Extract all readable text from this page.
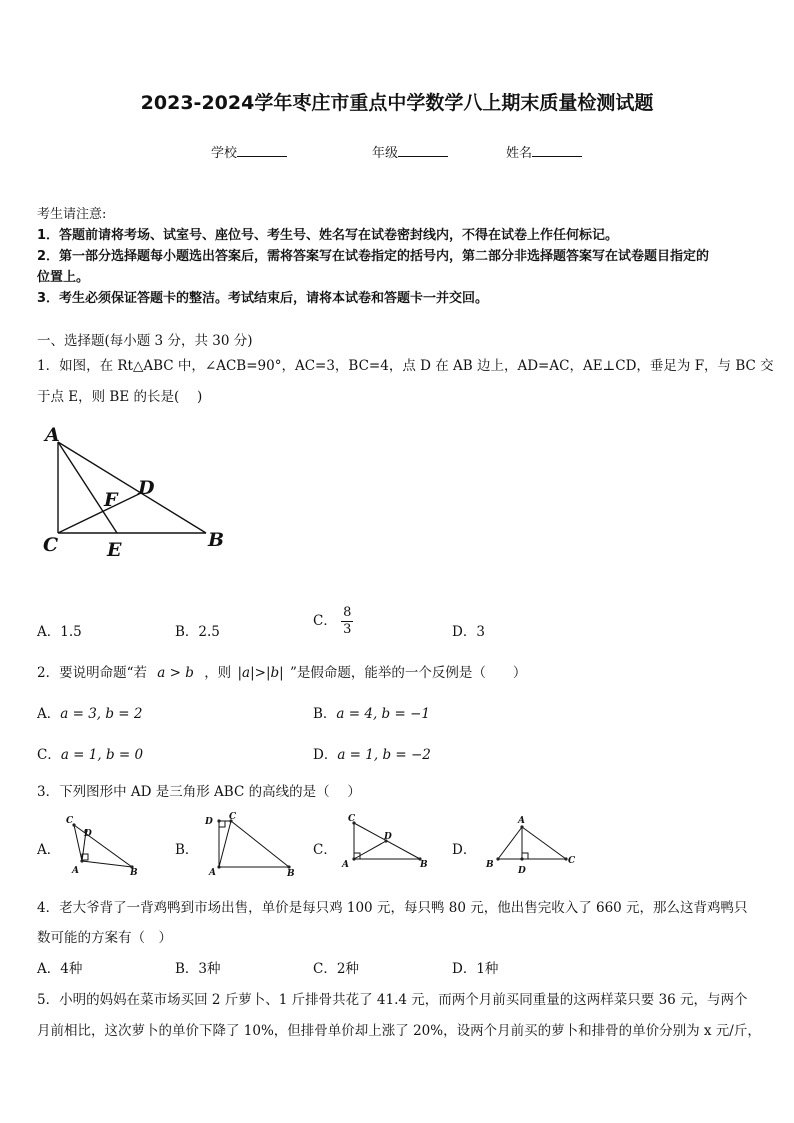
2023-2024学年枣庄市重点中学数学八上期末质量检测试题
学校	年级	姓名
考生请注意:
1．答题前请将考场、试室号、座位号、考生号、姓名写在试卷密封线内，不得在试卷上作任何标记。
2．第一部分选择题每小题选出答案后，需将答案写在试卷指定的括号内，第二部分非选择题答案写在试卷题目指定的
位置上。
3．考生必须保证答题卡的整洁。考试结束后，请将本试卷和答题卡一并交回。
一、选择题(每小题 3 分，共 30 分)
1．如图，在 Rt△ABC 中，∠ACB=90°，AC=3，BC=4，点 D 在 AB 边上，AD=AC，AE⊥CD，垂足为 F，与 BC 交
于点 E，则 BE 的长是(　 )
A
D
F
C	E	B
A．1.5	B．2.5
C． $\frac{8}{3}$	D．3
2．要说明命题“若 a > b ，则 |a|>|b| ”是假命题，能举的一个反例是（　　）
A．a = 3, b = 2	B．a = 4, b = −1
C．a = 1, b = 0	D．a = 1, b = −2
3．下列图形中 AD 是三角形 ABC 的高线的是（　 ）
A．
C
D
A	B
B．
D C
A	B
C．
C
D
A	B
D．
A
B
D
C
4．老大爷背了一背鸡鸭到市场出售，单价是每只鸡 100 元，每只鸭 80 元，他出售完收入了 660 元，那么这背鸡鸭只
数可能的方案有（　）
A．4种	B．3种	C．2种	D．1种
5．小明的妈妈在菜市场买回 2 斤萝卜、1 斤排骨共花了 41.4 元，而两个月前买同重量的这两样菜只要 36 元，与两个
月前相比，这次萝卜的单价下降了 10%，但排骨单价却上涨了 20%，设两个月前买的萝卜和排骨的单价分别为 x 元/斤，
